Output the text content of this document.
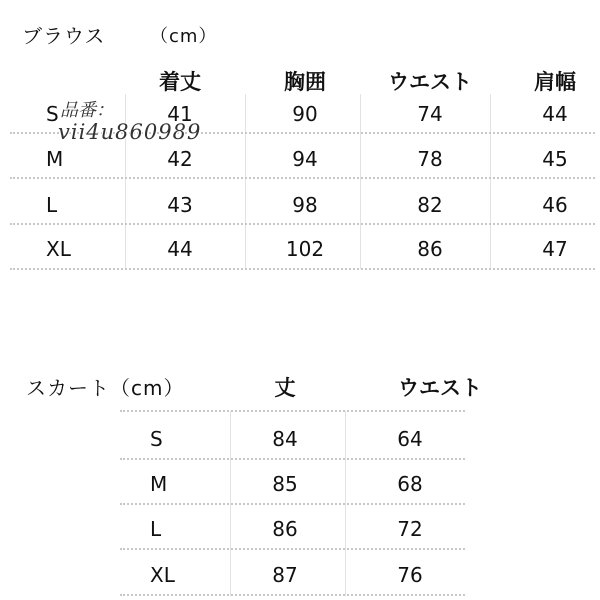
ブラウス （cm）
着丈	胸囲	ウエスト	肩幅
S	41	90	74	44
M	42	94	78	45
L	43	98	82	46
XL	44	102	86	47
品番：
vii4u860989
スカート（cm）	丈	ウエスト
S	84	64
M	85	68
L	86	72
XL	87	76
